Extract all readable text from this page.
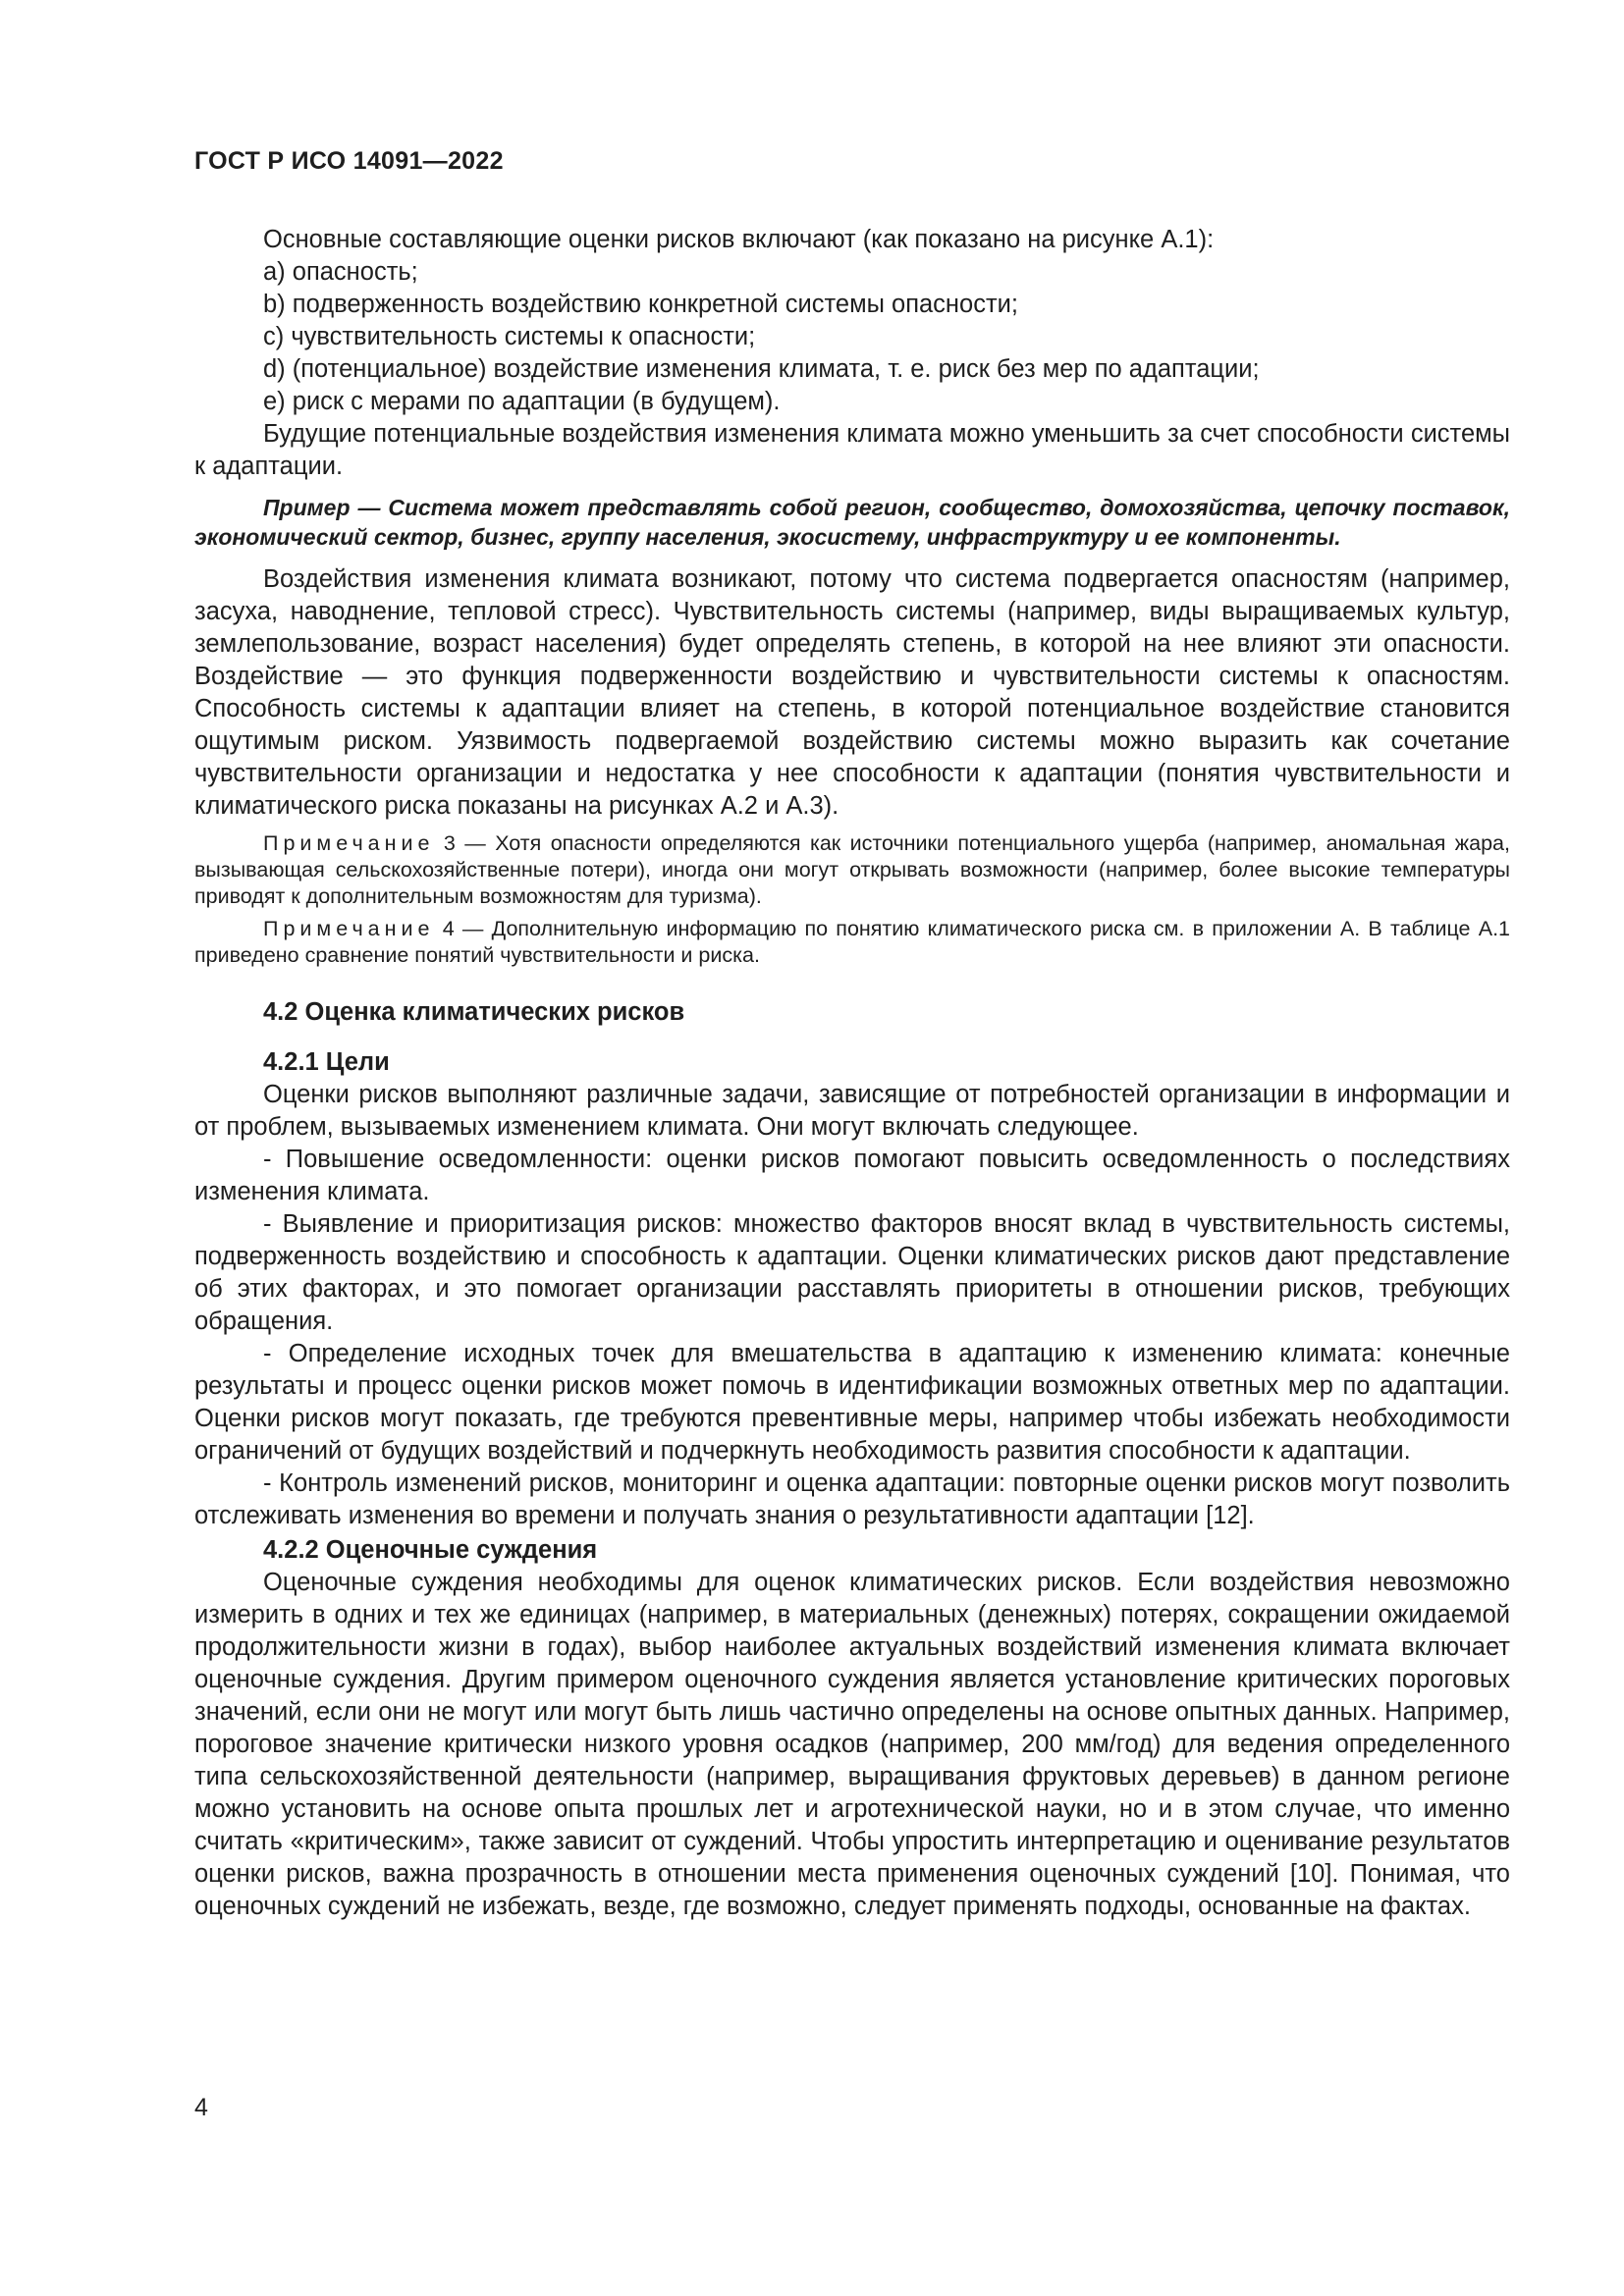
ГОСТ Р ИСО 14091—2022

Основные составляющие оценки рисков включают (как показано на рисунке А.1):

a) опасность;

b) подверженность воздействию конкретной системы опасности;

c) чувствительность системы к опасности;

d) (потенциальное) воздействие изменения климата, т. е. риск без мер по адаптации;

e) риск с мерами по адаптации (в будущем).

Будущие потенциальные воздействия изменения климата можно уменьшить за счет способности системы к адаптации.

Пример — Система может представлять собой регион, сообщество, домохозяйства, цепочку поставок, экономический сектор, бизнес, группу населения, экосистему, инфраструктуру и ее компоненты.

Воздействия изменения климата возникают, потому что система подвергается опасностям (например, засуха, наводнение, тепловой стресс). Чувствительность системы (например, виды выращиваемых культур, землепользование, возраст населения) будет определять степень, в которой на нее влияют эти опасности. Воздействие — это функция подверженности воздействию и чувствительности системы к опасностям. Способность системы к адаптации влияет на степень, в которой потенциальное воздействие становится ощутимым риском. Уязвимость подвергаемой воздействию системы можно выразить как сочетание чувствительности организации и недостатка у нее способности к адаптации (понятия чувствительности и климатического риска показаны на рисунках А.2 и А.3).

Примечание 3 — Хотя опасности определяются как источники потенциального ущерба (например, аномальная жара, вызывающая сельскохозяйственные потери), иногда они могут открывать возможности (например, более высокие температуры приводят к дополнительным возможностям для туризма).

Примечание 4 — Дополнительную информацию по понятию климатического риска см. в приложении А. В таблице А.1 приведено сравнение понятий чувствительности и риска.

4.2 Оценка климатических рисков

4.2.1 Цели

Оценки рисков выполняют различные задачи, зависящие от потребностей организации в информации и от проблем, вызываемых изменением климата. Они могут включать следующее.

- Повышение осведомленности: оценки рисков помогают повысить осведомленность о последствиях изменения климата.

- Выявление и приоритизация рисков: множество факторов вносят вклад в чувствительность системы, подверженность воздействию и способность к адаптации. Оценки климатических рисков дают представление об этих факторах, и это помогает организации расставлять приоритеты в отношении рисков, требующих обращения.

- Определение исходных точек для вмешательства в адаптацию к изменению климата: конечные результаты и процесс оценки рисков может помочь в идентификации возможных ответных мер по адаптации. Оценки рисков могут показать, где требуются превентивные меры, например чтобы избежать необходимости ограничений от будущих воздействий и подчеркнуть необходимость развития способности к адаптации.

- Контроль изменений рисков, мониторинг и оценка адаптации: повторные оценки рисков могут позволить отслеживать изменения во времени и получать знания о результативности адаптации [12].

4.2.2 Оценочные суждения

Оценочные суждения необходимы для оценок климатических рисков. Если воздействия невозможно измерить в одних и тех же единицах (например, в материальных (денежных) потерях, сокращении ожидаемой продолжительности жизни в годах), выбор наиболее актуальных воздействий изменения климата включает оценочные суждения. Другим примером оценочного суждения является установление критических пороговых значений, если они не могут или могут быть лишь частично определены на основе опытных данных. Например, пороговое значение критически низкого уровня осадков (например, 200 мм/год) для ведения определенного типа сельскохозяйственной деятельности (например, выращивания фруктовых деревьев) в данном регионе можно установить на основе опыта прошлых лет и агротехнической науки, но и в этом случае, что именно считать «критическим», также зависит от суждений. Чтобы упростить интерпретацию и оценивание результатов оценки рисков, важна прозрачность в отношении места применения оценочных суждений [10]. Понимая, что оценочных суждений не избежать, везде, где возможно, следует применять подходы, основанные на фактах.

4
